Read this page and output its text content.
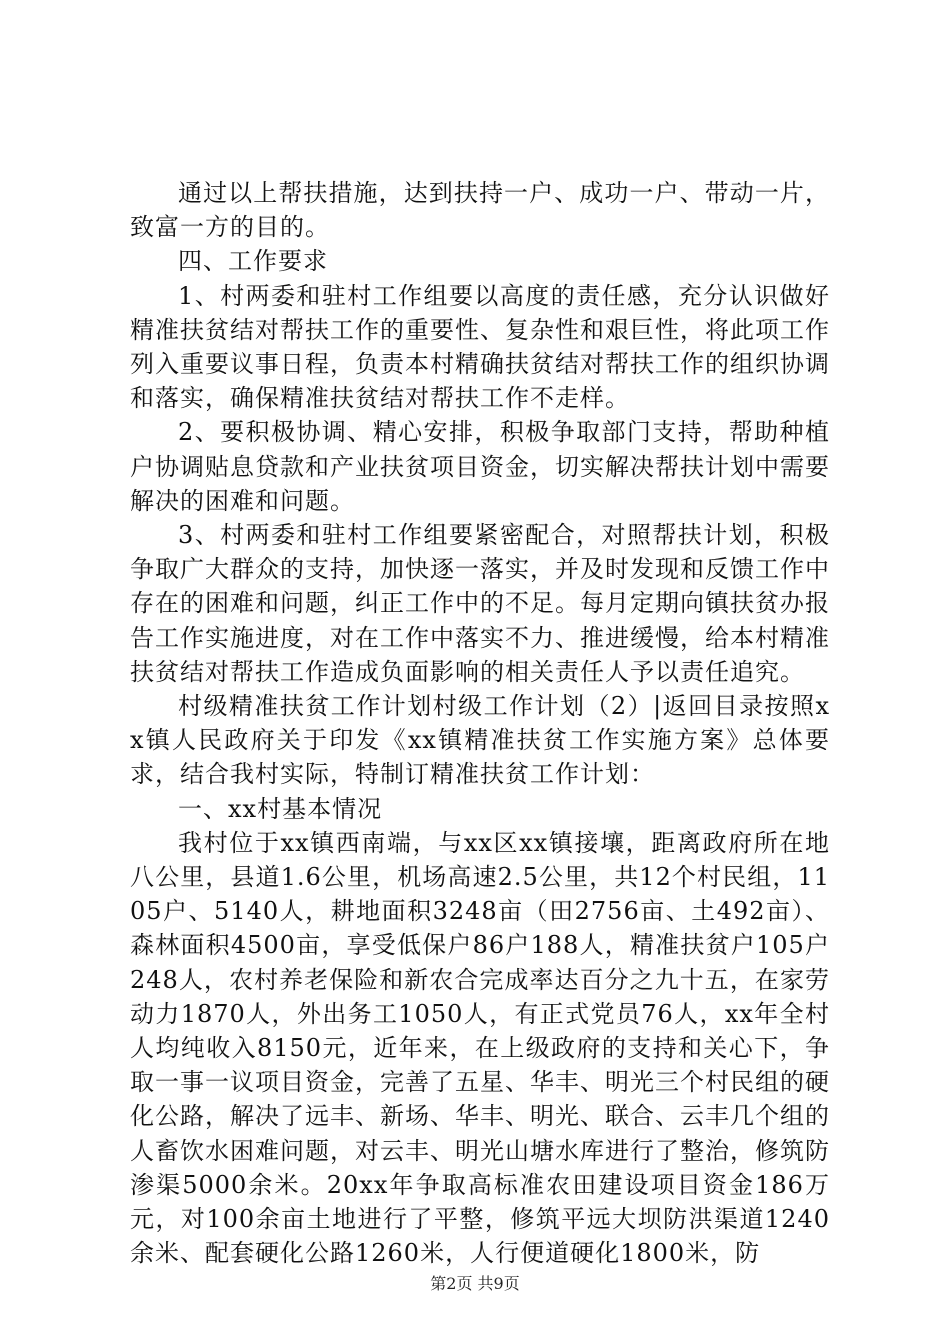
通过以上帮扶措施，达到扶持一户、成功一户、带动一片，致富一方的目的。

四、工作要求

1、村两委和驻村工作组要以高度的责任感，充分认识做好精准扶贫结对帮扶工作的重要性、复杂性和艰巨性，将此项工作列入重要议事日程，负责本村精确扶贫结对帮扶工作的组织协调和落实，确保精准扶贫结对帮扶工作不走样。

2、要积极协调、精心安排，积极争取部门支持，帮助种植户协调贴息贷款和产业扶贫项目资金，切实解决帮扶计划中需要解决的困难和问题。

3、村两委和驻村工作组要紧密配合，对照帮扶计划，积极争取广大群众的支持，加快逐一落实，并及时发现和反馈工作中存在的困难和问题，纠正工作中的不足。每月定期向镇扶贫办报告工作实施进度，对在工作中落实不力、推进缓慢，给本村精准扶贫结对帮扶工作造成负面影响的相关责任人予以责任追究。

村级精准扶贫工作计划村级工作计划（2）|返回目录按照xx镇人民政府关于印发《xx镇精准扶贫工作实施方案》总体要求，结合我村实际，特制订精准扶贫工作计划：

一、xx村基本情况

我村位于xx镇西南端，与xx区xx镇接壤，距离政府所在地八公里，县道1.6公里，机场高速2.5公里，共12个村民组，1105户、5140人，耕地面积3248亩（田2756亩、土492亩）、森林面积4500亩，享受低保户86户188人，精准扶贫户105户248人，农村养老保险和新农合完成率达百分之九十五，在家劳动力1870人，外出务工1050人，有正式党员76人，xx年全村人均纯收入8150元，近年来，在上级政府的支持和关心下，争取一事一议项目资金，完善了五星、华丰、明光三个村民组的硬化公路，解决了远丰、新场、华丰、明光、联合、云丰几个组的人畜饮水困难问题，对云丰、明光山塘水库进行了整治，修筑防渗渠5000余米。20xx年争取高标准农田建设项目资金186万元，对100余亩土地进行了平整，修筑平远大坝防洪渠道1240余米、配套硬化公路1260米，人行便道硬化1800米，防

第2页 共9页
